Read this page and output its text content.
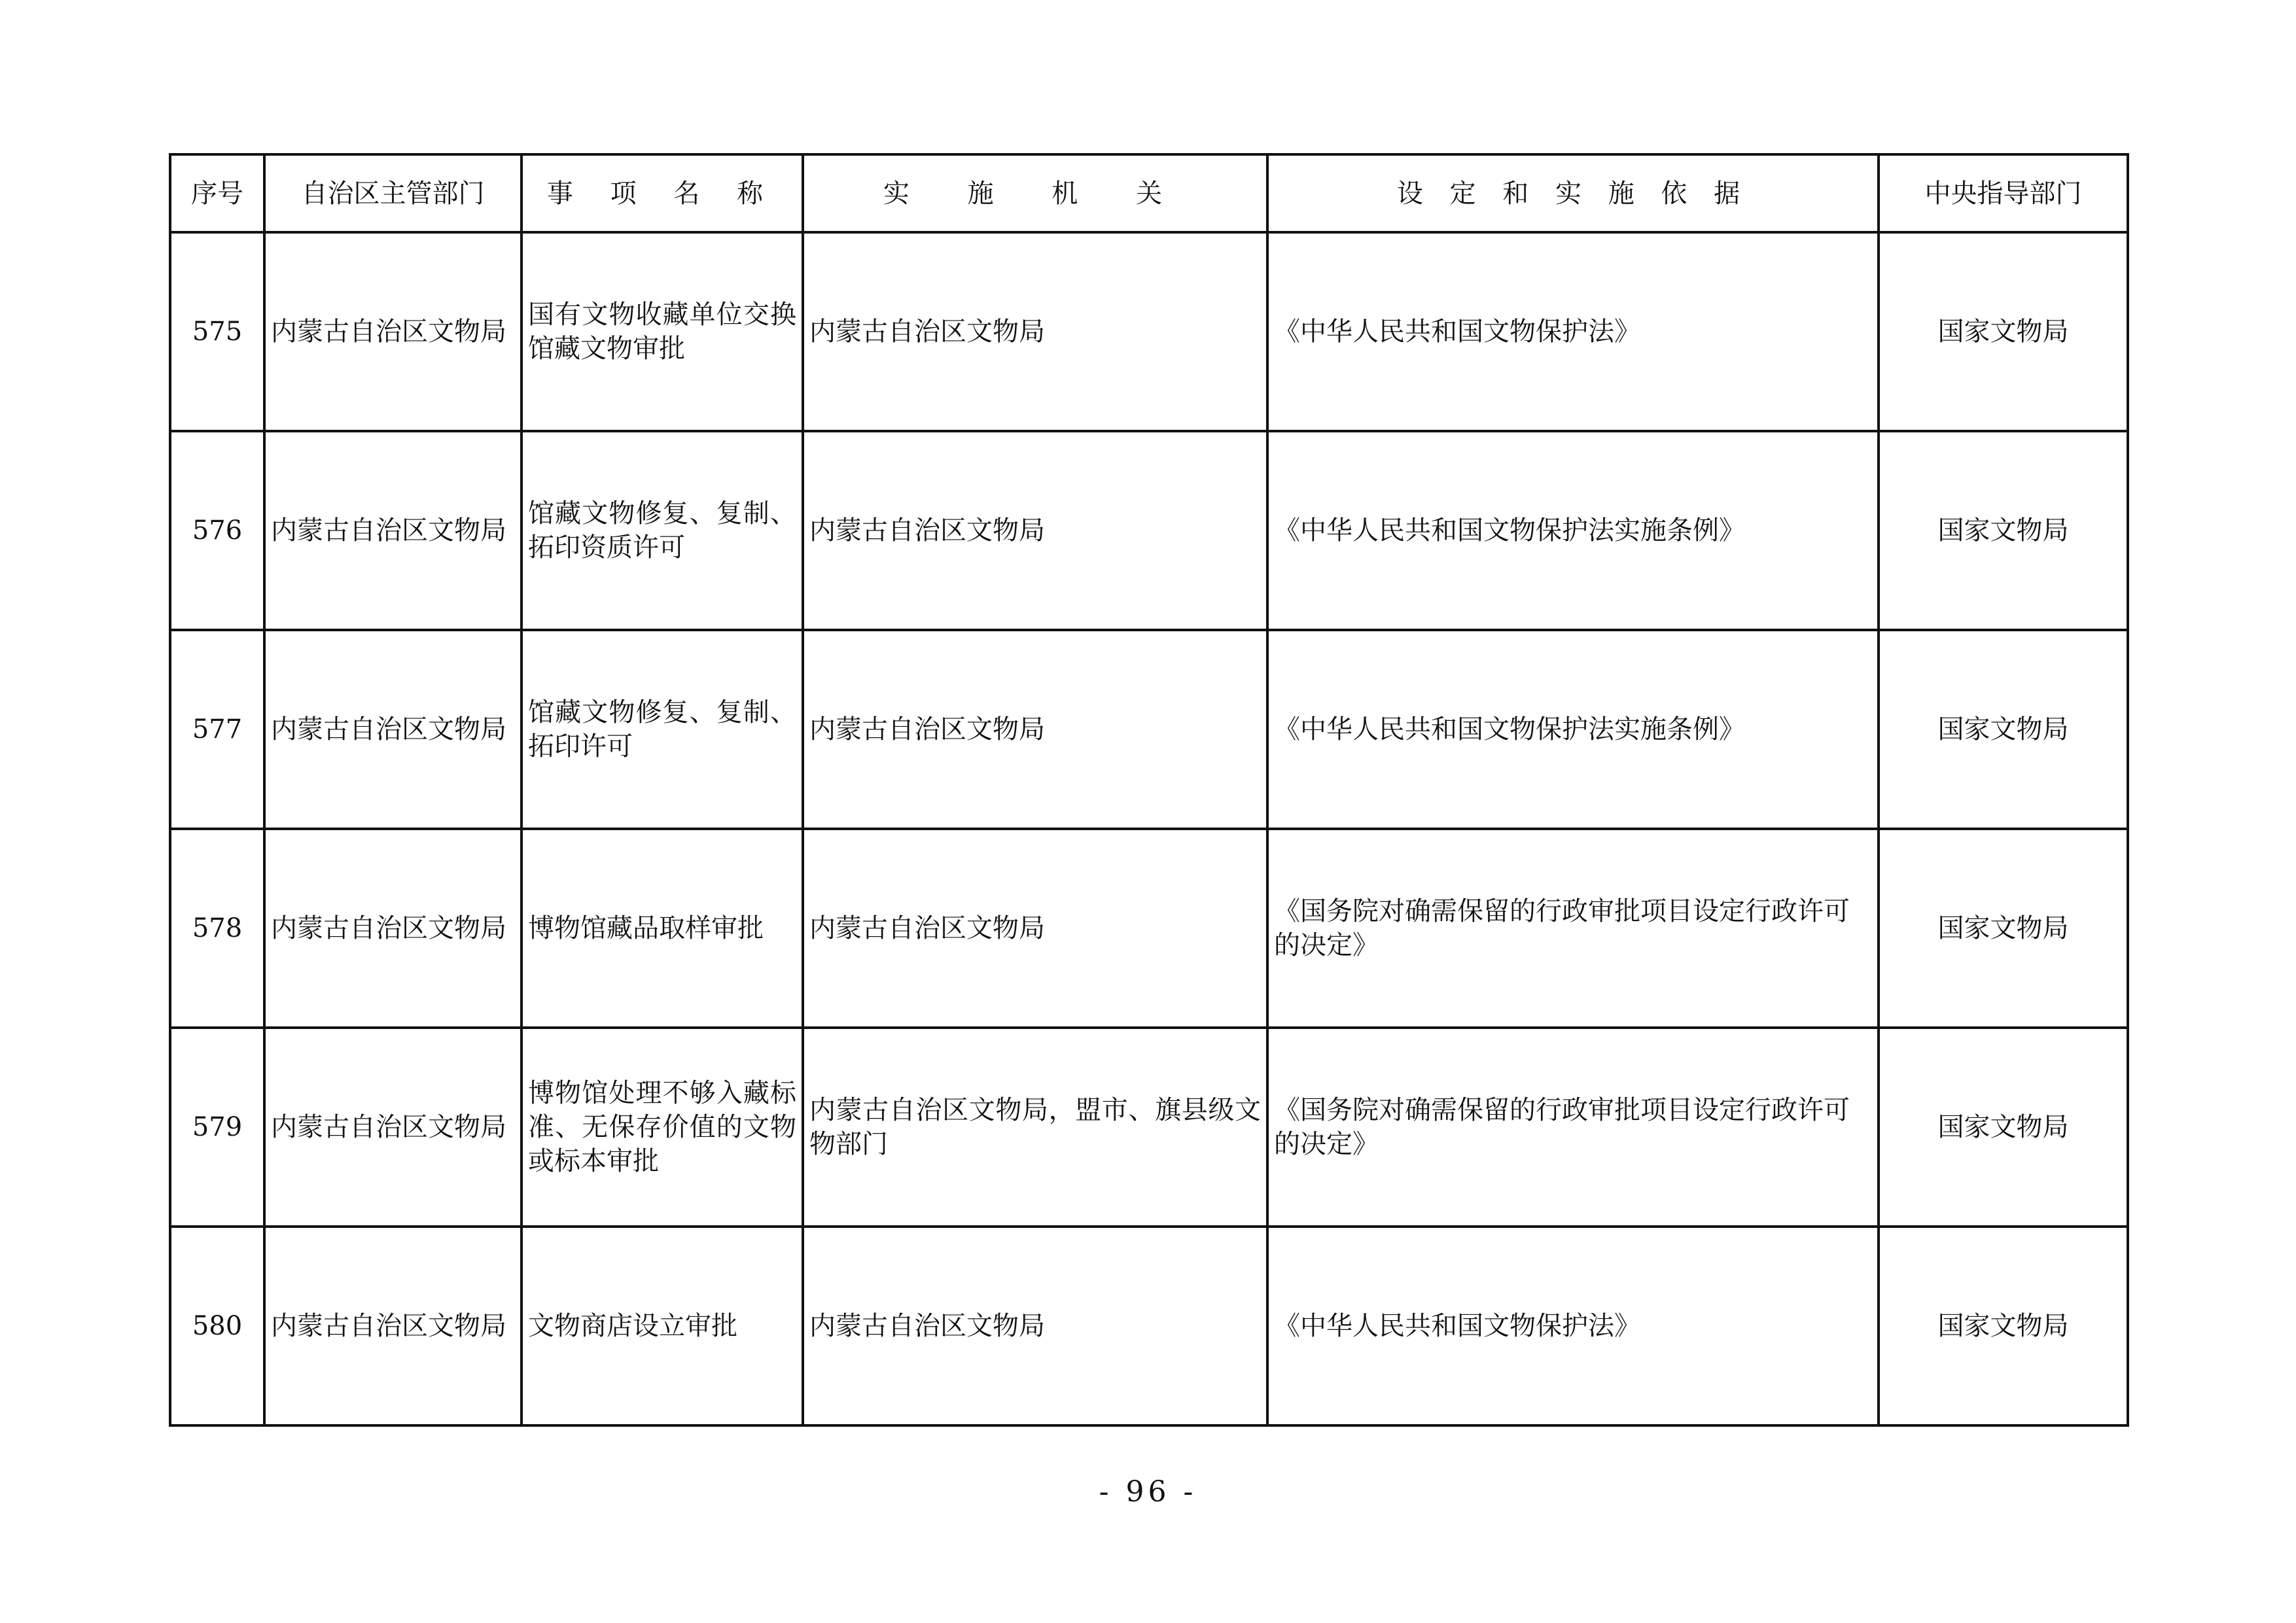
序号	自治区主管部门	事 项 名 称	实 施 机 关	设 定 和 实 施 依 据	中央指导部门
575	内蒙古自治区文物局	国有文物收藏单位交换馆藏文物审批	内蒙古自治区文物局	《中华人民共和国文物保护法》	国家文物局
576	内蒙古自治区文物局	馆藏文物修复、复制、拓印资质许可	内蒙古自治区文物局	《中华人民共和国文物保护法实施条例》	国家文物局
577	内蒙古自治区文物局	馆藏文物修复、复制、拓印许可	内蒙古自治区文物局	《中华人民共和国文物保护法实施条例》	国家文物局
578	内蒙古自治区文物局	博物馆藏品取样审批	内蒙古自治区文物局	《国务院对确需保留的行政审批项目设定行政许可的决定》	国家文物局
579	内蒙古自治区文物局	博物馆处理不够入藏标准、无保存价值的文物或标本审批	内蒙古自治区文物局，盟市、旗县级文物部门	《国务院对确需保留的行政审批项目设定行政许可的决定》	国家文物局
580	内蒙古自治区文物局	文物商店设立审批	内蒙古自治区文物局	《中华人民共和国文物保护法》	国家文物局
- 96 -
